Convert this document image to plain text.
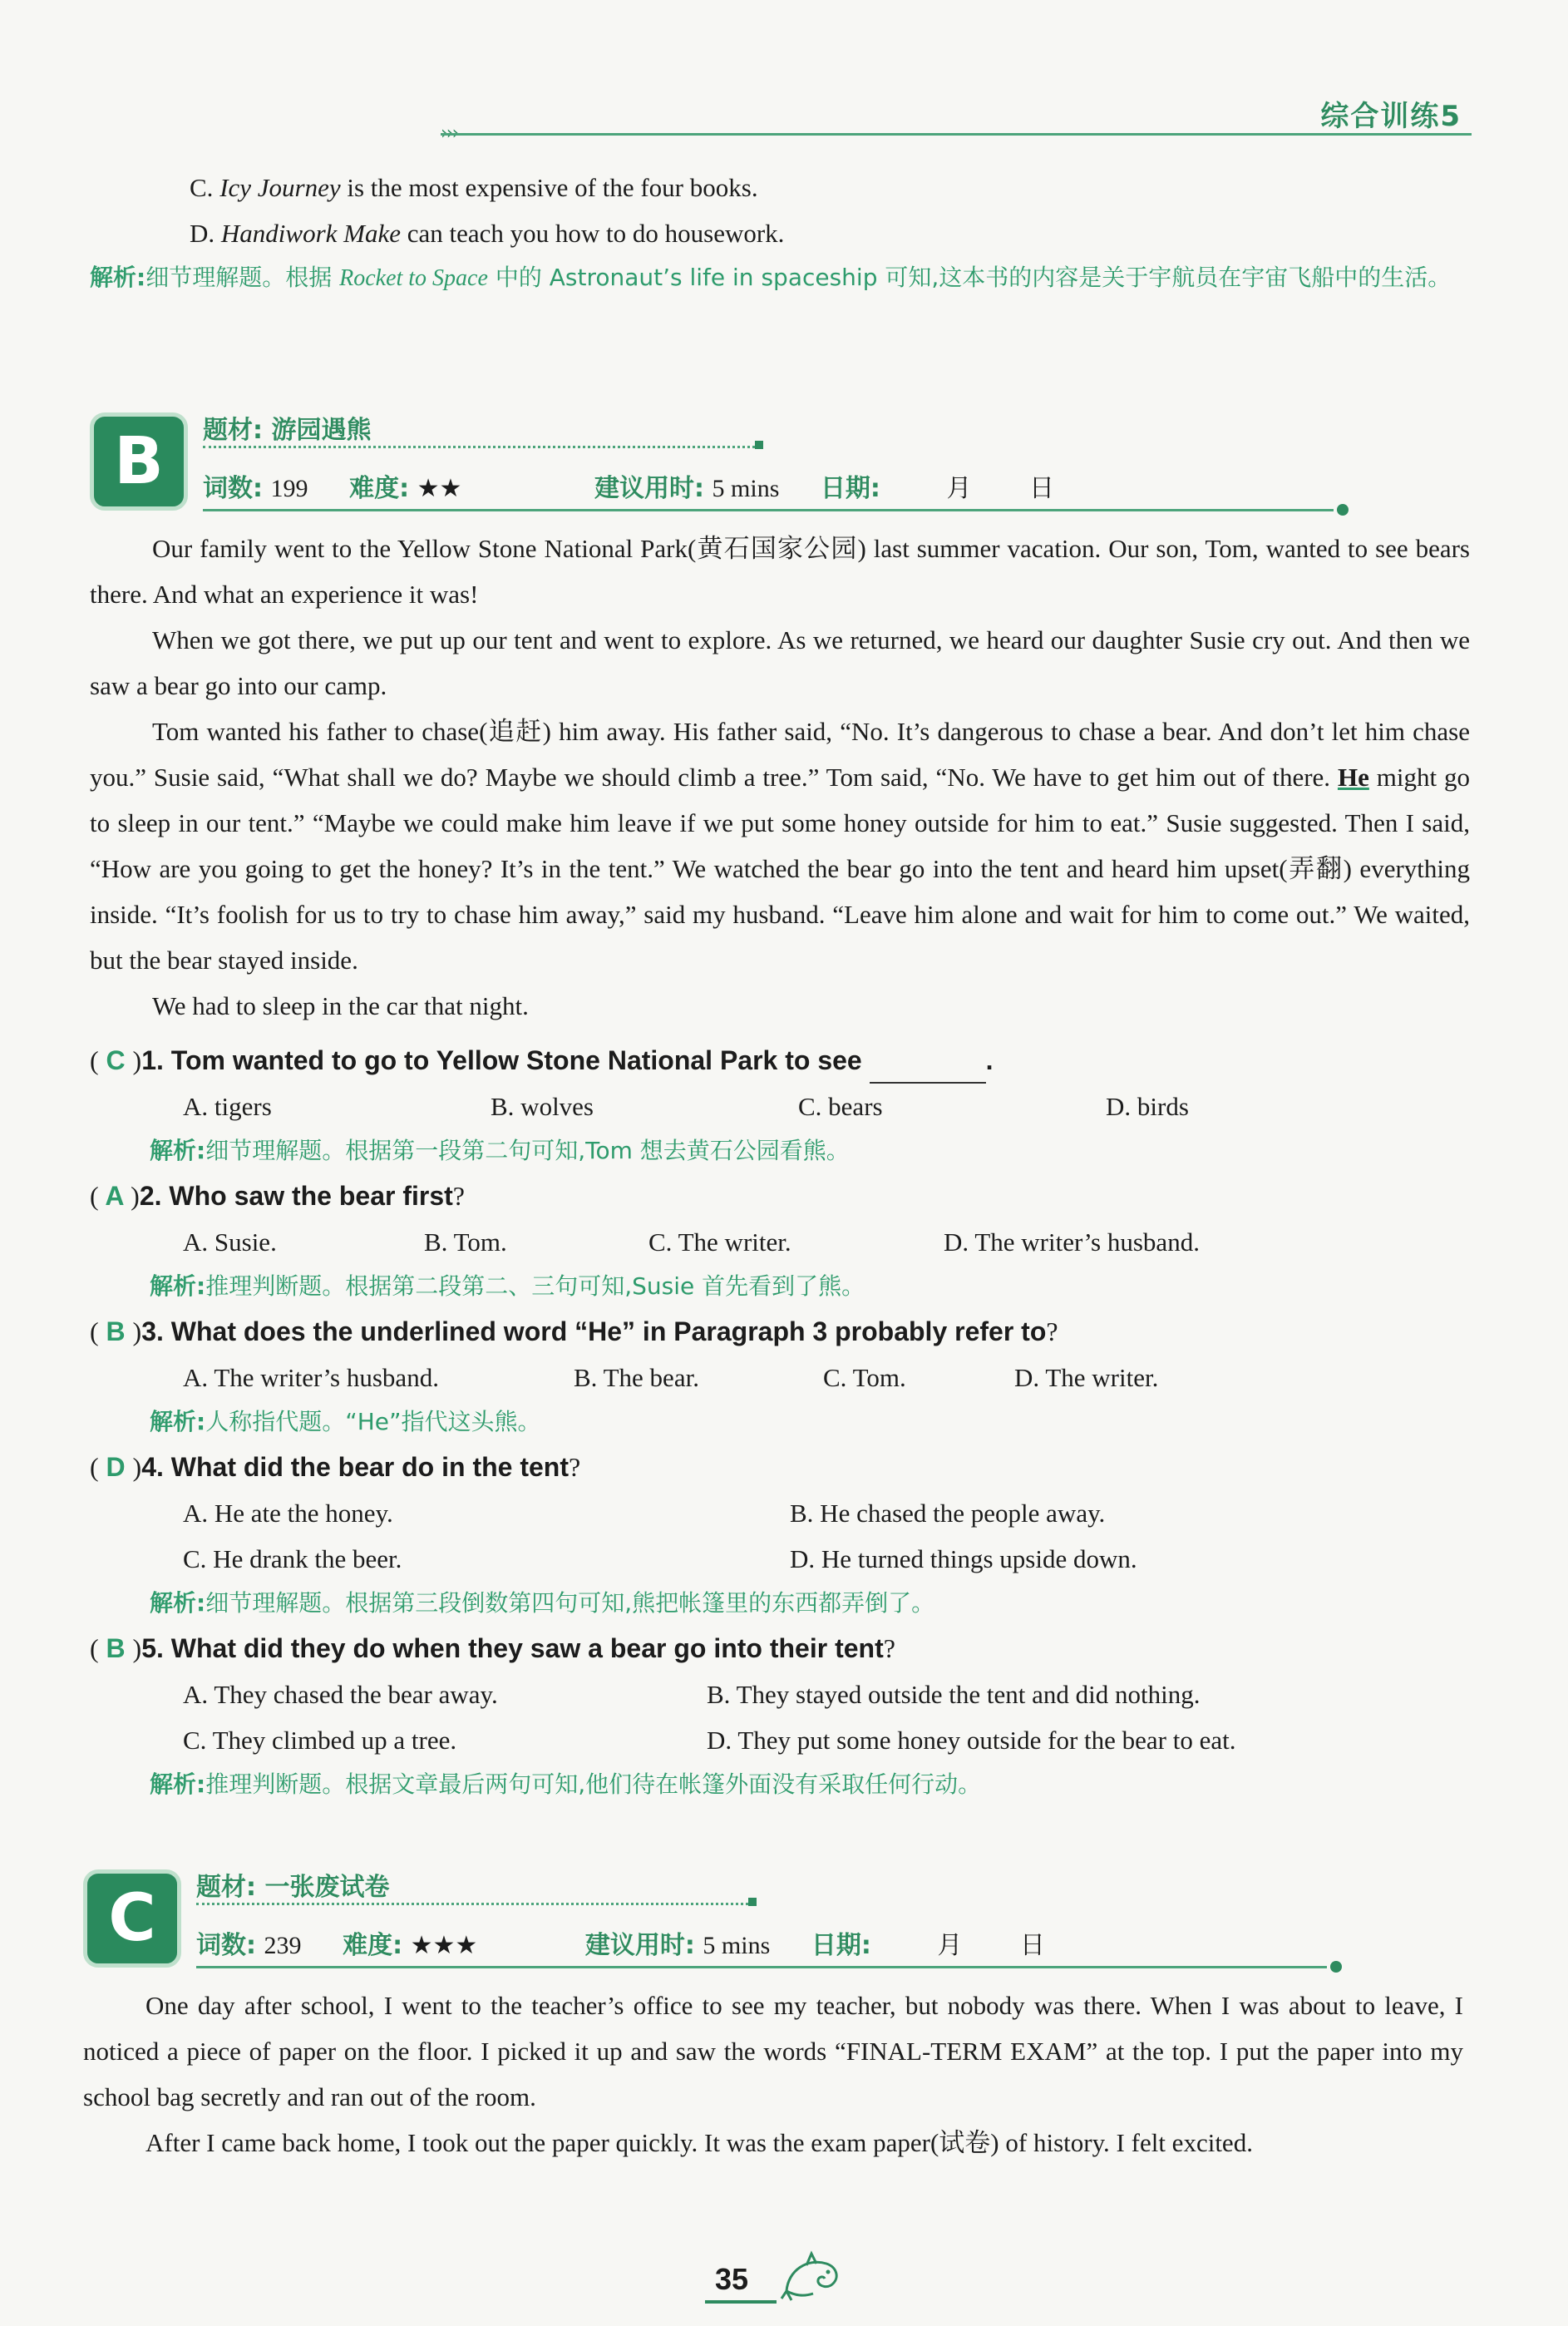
综合训练5
›››

C. Icy Journey is the most expensive of the four books.

D. Handiwork Make can teach you how to do housework.

解析:细节理解题。根据 Rocket to Space 中的 Astronaut’s life in spaceship 可知,这本书的内容是关于宇航员在宇宙飞船中的生活。

B	题材: 游园遇熊
词数: 199 难度: ★★	建议用时: 5 mins 日期:	月 日

Our family went to the Yellow Stone National Park(黄石国家公园) last summer vacation. Our son, Tom, wanted to see bears there. And what an experience it was!

When we got there, we put up our tent and went to explore. As we returned, we heard our daughter Susie cry out. And then we saw a bear go into our camp.

Tom wanted his father to chase(追赶) him away. His father said, “No. It’s dangerous to chase a bear. And don’t let him chase you.” Susie said, “What shall we do? Maybe we should climb a tree.” Tom said, “No. We have to get him out of there. He might go to sleep in our tent.” “Maybe we could make him leave if we put some honey outside for him to eat.” Susie suggested. Then I said, “How are you going to get the honey? It’s in the tent.” We watched the bear go into the tent and heard him upset(弄翻) everything inside. “It’s foolish for us to try to chase him away,” said my husband. “Leave him alone and wait for him to come out.” We waited, but the bear stayed inside.

We had to sleep in the car that night.

( C )1. Tom wanted to go to Yellow Stone National Park to see	.

A. tigers	B. wolves	C. bears	D. birds

解析:细节理解题。根据第一段第二句可知,Tom 想去黄石公园看熊。

( A )2. Who saw the bear first?

A. Susie.	B. Tom.	C. The writer.	D. The writer’s husband.

解析:推理判断题。根据第二段第二、三句可知,Susie 首先看到了熊。

( B )3. What does the underlined word “He” in Paragraph 3 probably refer to?

A. The writer’s husband.	B. The bear.	C. Tom.	D. The writer.

解析:人称指代题。“He”指代这头熊。

( D )4. What did the bear do in the tent?

A. He ate the honey.	B. He chased the people away.
C. He drank the beer.	D. He turned things upside down.

解析:细节理解题。根据第三段倒数第四句可知,熊把帐篷里的东西都弄倒了。

( B )5. What did they do when they saw a bear go into their tent?

A. They chased the bear away.	B. They stayed outside the tent and did nothing.
C. They climbed up a tree.	D. They put some honey outside for the bear to eat.

解析:推理判断题。根据文章最后两句可知,他们待在帐篷外面没有采取任何行动。

C	题材: 一张废试卷
词数: 239 难度: ★★★	建议用时: 5 mins 日期:	月 日

One day after school, I went to the teacher’s office to see my teacher, but nobody was there. When I was about to leave, I noticed a piece of paper on the floor. I picked it up and saw the words “FINAL-TERM EXAM” at the top. I put the paper into my school bag secretly and ran out of the room.

After I came back home, I took out the paper quickly. It was the exam paper(试卷) of history. I felt excited.

35
